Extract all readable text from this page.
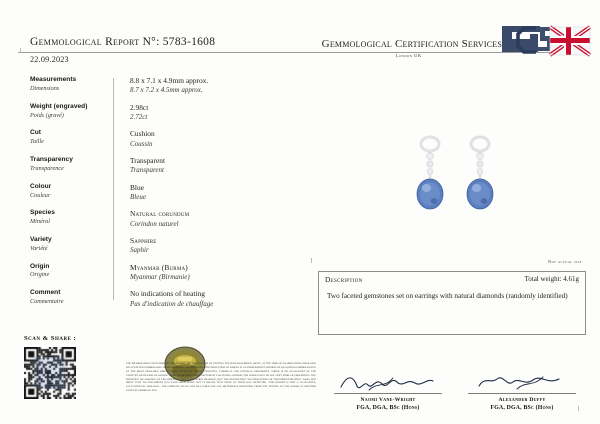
Gemmological Report N°: 5783-1608
22.09.2023
Gemmological Certification Services
London UK
Measurements
Dimensions
8.8 x 7.1 x 4.9mm approx.
8.7 x 7.2 x 4.5mm approx.
Weight (engraved)
Poids (gravé)
2.98ct
2.72ct
Cut
Taille
Cushion
Coussin
Transparency
Transparence
Transparent
Transparent
Colour
Couleur
Blue
Bleue
Species
Minéral
Natural corundum
Corindon naturel
Variety
Variété
Sapphire
Saphir
Origin
Origine
Myanmar (Burma)
Myanmar (Birmanie)
Comment
Commentaire
No indications of heating
Pas d'indication de chauffage
Not actual size
Description	Total weight: 4.61g
Two faceted gemstones set on earrings with natural diamonds (randomly identified)
Scan & Share :
THE INFORMATION CONTAINED IN THIS REPORT ARE THE RESULTS OF TESTING THE ITEM DESCRIBED ABOVE, AT THE TIME OF EXAMINATION AND BASED ON ACCEPTED GEMMOLOGICAL INSTRUMENTS AND METHODS. THE INDICATION OF ORIGIN IS AN INDEPENDENT OPINION OF QUALIFIED GEMMOLOGISTS OF THE MOST PROBABLE ORIGIN USING INTERNAL CHARACTERISTICS, CHEMICAL AND PHYSICAL PROPERTIES. THERE IS NO GUARANTEE OF THE COUNTRY OR REGION OF ORIGIN. SOME GEMSTONES FROM DIFFERENT LOCATIONS AROUND THE WORLD MAY SHARE VERY SIMILAR PROPERTIES. THE PRESENCE OR ABSENCE OF TREATMENT IS INDICATED WHEN POSSIBLE, BUT THE INSCRIPTION "NO INDICATIONS OF TREATMENT/HEATING" DOES NOT IMPLY THAT NO TREATMENT HAS EVER BEEN MADE BUT IT MEANS THAT NONE OF THEM WAS DETECTED. THIS REPORT IS NOT A GUARANTEE, VALUATION OR APPRAISAL. THE COMPANY SHALL NOT BE LIABLE FOR ANY DIFFERENCE RESULTING FROM THE TESTING OF THE GOODS AT ANOTHER PARTY IN GEMROAD LTD.
Naomi Vane-Wright
FGA, DGA, BSc (Hons)
Alexander Duffy
FGA, DGA, BSc (Hons)
